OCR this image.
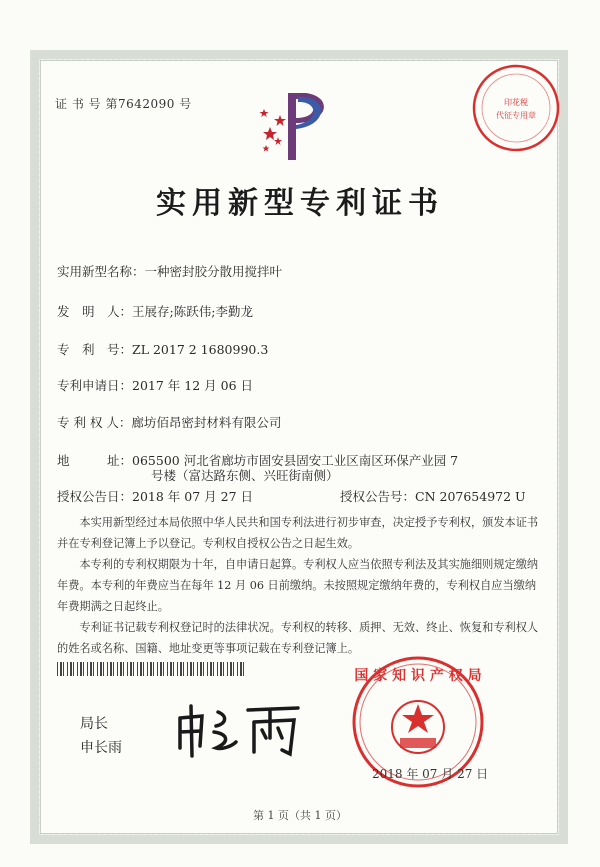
证 书 号 第7642090 号	印花税
代征专用章
实用新型专利证书
实用新型名称：一种密封胶分散用搅拌叶
发　明　人：王展存;陈跃伟;李勤龙
专　利　号：ZL 2017 2 1680990.3
专利申请日：2017 年 12 月 06 日
专 利 权 人：廊坊佰昂密封材料有限公司
地　　　址：065500 河北省廊坊市固安县固安工业区南区环保产业园 7
号楼（富达路东侧、兴旺街南侧）
授权公告日：2018 年 07 月 27 日	授权公告号：CN 207654972 U
本实用新型经过本局依照中华人民共和国专利法进行初步审查，决定授予专利权，颁发本证书并在专利登记簿上予以登记。专利权自授权公告之日起生效。
本专利的专利权期限为十年，自申请日起算。专利权人应当依照专利法及其实施细则规定缴纳年费。本专利的年费应当在每年 12 月 06 日前缴纳。未按照规定缴纳年费的，专利权自应当缴纳年费期满之日起终止。
专利证书记载专利权登记时的法律状况。专利权的转移、质押、无效、终止、恢复和专利权人的姓名或名称、国籍、地址变更等事项记载在专利登记簿上。
局长
申长雨
国 家 知 识 产 权 局
2018 年 07 月 27 日
第 1 页（共 1 页）
